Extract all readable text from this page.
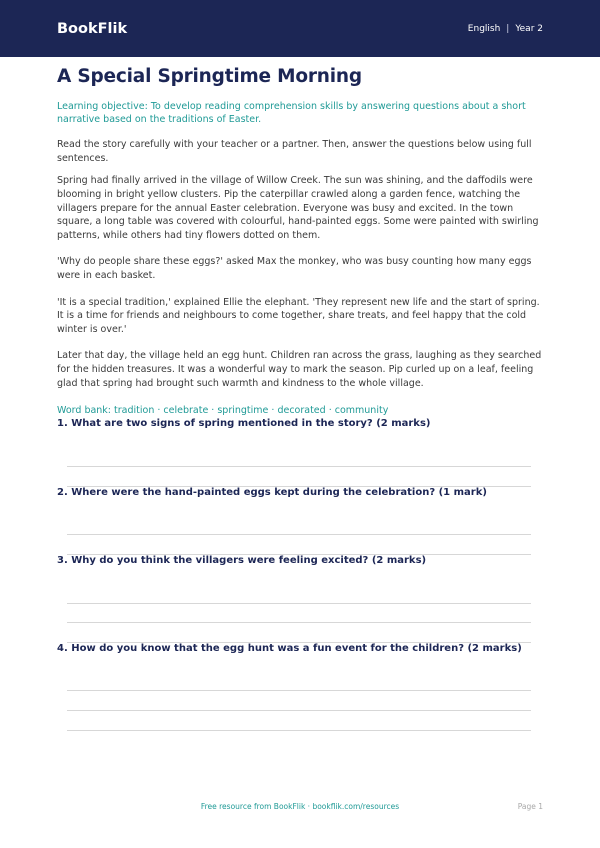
BookFlik	English | Year 2
A Special Springtime Morning

Learning objective: To develop reading comprehension skills by answering questions about a short narrative based on the traditions of Easter.

Read the story carefully with your teacher or a partner. Then, answer the questions below using full sentences.

Spring had finally arrived in the village of Willow Creek. The sun was shining, and the daffodils were blooming in bright yellow clusters. Pip the caterpillar crawled along a garden fence, watching the villagers prepare for the annual Easter celebration. Everyone was busy and excited. In the town square, a long table was covered with colourful, hand-painted eggs. Some were painted with swirling patterns, while others had tiny flowers dotted on them.

'Why do people share these eggs?' asked Max the monkey, who was busy counting how many eggs were in each basket.

'It is a special tradition,' explained Ellie the elephant. 'They represent new life and the start of spring. It is a time for friends and neighbours to come together, share treats, and feel happy that the cold winter is over.'

Later that day, the village held an egg hunt. Children ran across the grass, laughing as they searched for the hidden treasures. It was a wonderful way to mark the season. Pip curled up on a leaf, feeling glad that spring had brought such warmth and kindness to the whole village.

Word bank: tradition · celebrate · springtime · decorated · community

1. What are two signs of spring mentioned in the story? (2 marks)
2. Where were the hand-painted eggs kept during the celebration? (1 mark)
3. Why do you think the villagers were feeling excited? (2 marks)
4. How do you know that the egg hunt was a fun event for the children? (2 marks)
Free resource from BookFlik · bookflik.com/resources	Page 1
